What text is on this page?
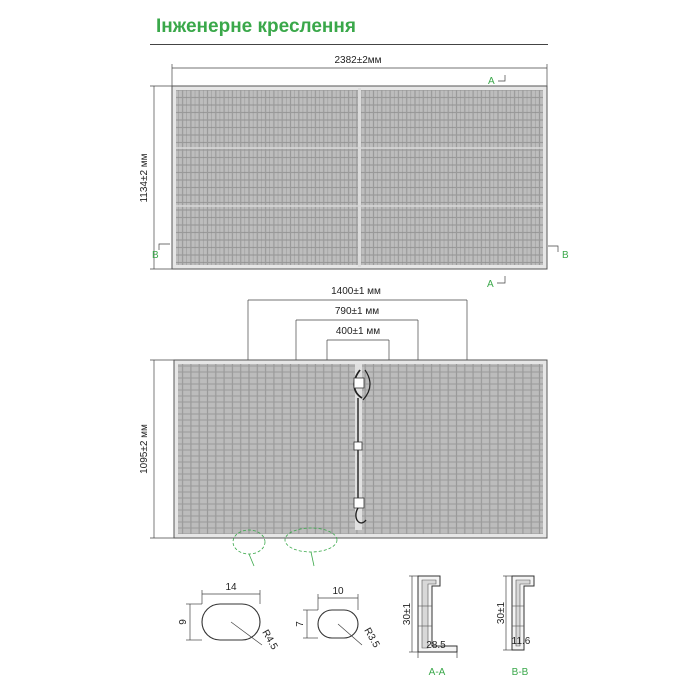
Інженерне креслення
2382±2мм
1134±2 мм
A
A
B	B
1400±1 мм
790±1 мм
400±1 мм
1095±2 мм
14
9
R4.5
10
7
R3.5
30±1
28.5
A-A
30±1
11.6
B-B
